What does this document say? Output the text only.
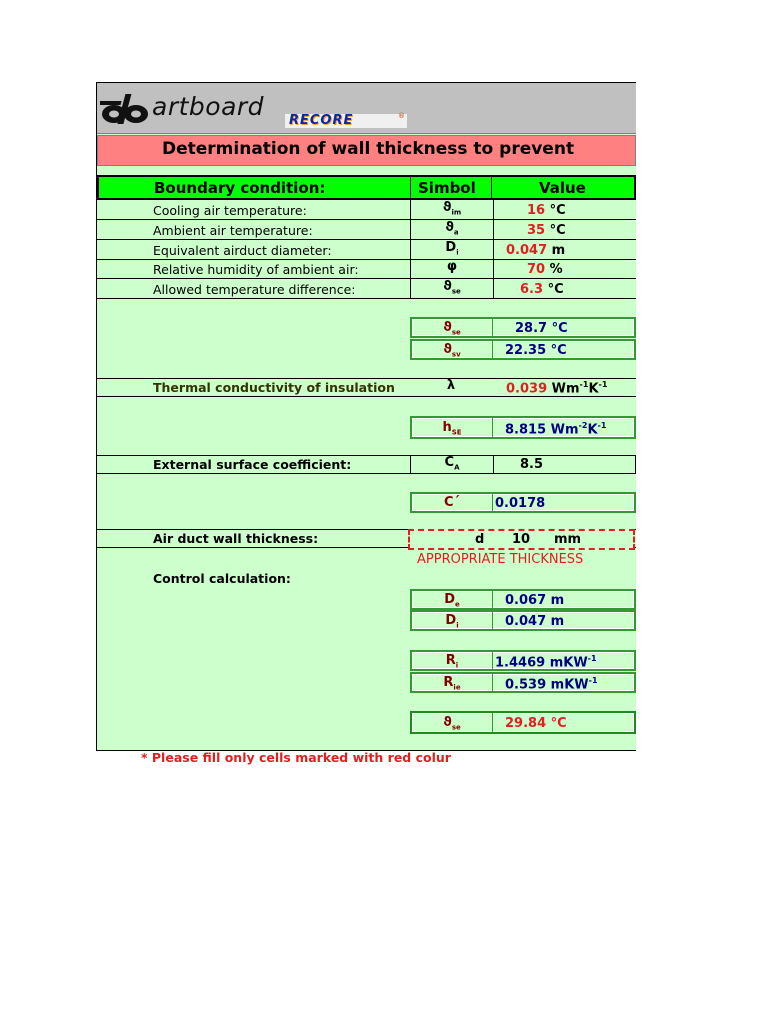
artboard RECORE	®
Determination of wall thickness to prevent
Boundary condition:	Simbol	Value
Cooling air temperature:	$ϑ_{im}$	16 °C
Ambient air temperature:	$ϑ_a$	35 °C
Equivalent airduct diameter:	$D_i$	0.047 m
Relative humidity of ambient air:	φ	70 %
Allowed temperature difference:	$ϑ_{se}$	6.3 °C
$ϑ_{se}$	28.7 °C
$ϑ_{sv}$	22.35 °C
Thermal conductivity of insulation	λ	0.039 $Wm^{-1}K^{-1}$
$h_{SE}$	8.815 $Wm^{-2}K^{-1}$
External surface coefficient:	$C_A$	8.5
C´	0.0178
Air duct wall thickness:	d 10 mm
APPROPRIATE THICKNESS
Control calculation:
$D_e$	0.067 m
$D_i$	0.047 m
$R_i$	1.4469 mKW$^{-1}$
$R_{ie}$	0.539 mKW$^{-1}$
$ϑ_{se}$	29.84 °C
* Please fill only cells marked with red colur
